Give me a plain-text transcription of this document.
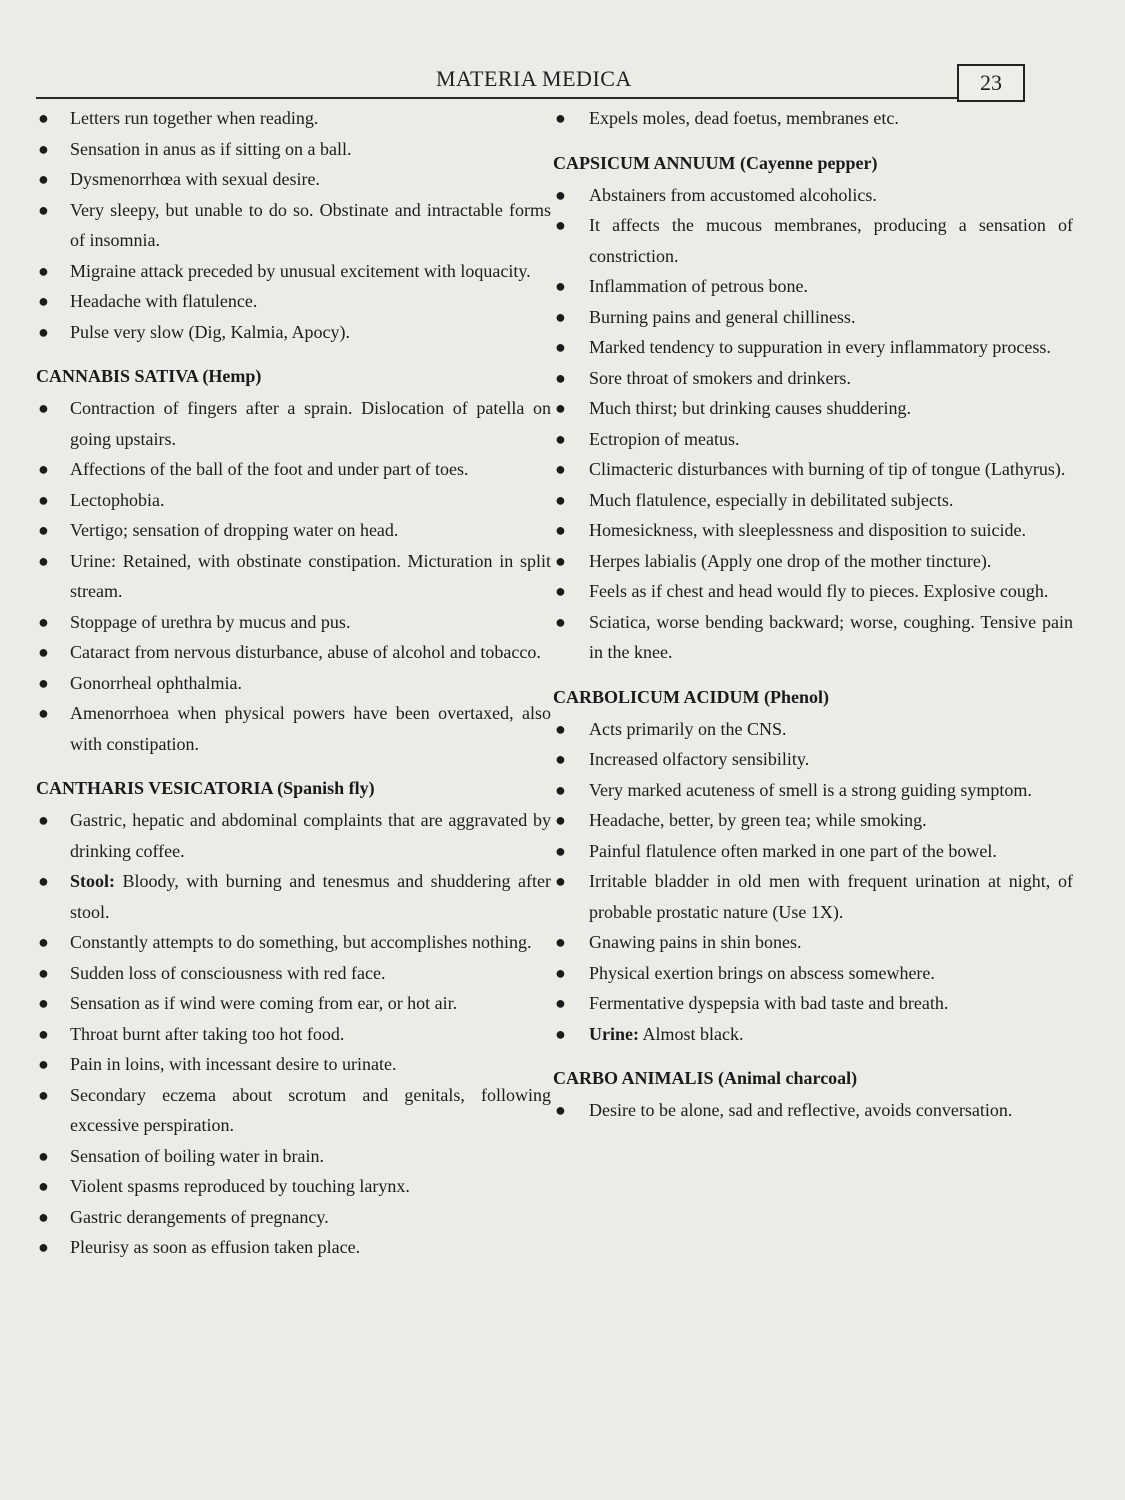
MATERIA MEDICA	23
● Letters run together when reading.
● Sensation in anus as if sitting on a ball.
● Dysmenorrhœa with sexual desire.
● Very sleepy, but unable to do so. Obstinate and intractable forms of insomnia.
● Migraine attack preceded by unusual excitement with loquacity.
● Headache with flatulence.
● Pulse very slow (Dig, Kalmia, Apocy).
CANNABIS SATIVA (Hemp)
● Contraction of fingers after a sprain. Dislocation of patella on going upstairs.
● Affections of the ball of the foot and under part of toes.
● Lectophobia.
● Vertigo; sensation of dropping water on head.
● Urine: Retained, with obstinate constipation. Micturation in split stream.
● Stoppage of urethra by mucus and pus.
● Cataract from nervous disturbance, abuse of alcohol and tobacco.
● Gonorrheal ophthalmia.
● Amenorrhoea when physical powers have been overtaxed, also with constipation.
CANTHARIS VESICATORIA (Spanish fly)
● Gastric, hepatic and abdominal complaints that are aggravated by drinking coffee.
● Stool: Bloody, with burning and tenesmus and shuddering after stool.
● Constantly attempts to do something, but accomplishes nothing.
● Sudden loss of consciousness with red face.
● Sensation as if wind were coming from ear, or hot air.
● Throat burnt after taking too hot food.
● Pain in loins, with incessant desire to urinate.
● Secondary eczema about scrotum and genitals, following excessive perspiration.
● Sensation of boiling water in brain.
● Violent spasms reproduced by touching larynx.
● Gastric derangements of pregnancy.
● Pleurisy as soon as effusion taken place.
● Expels moles, dead foetus, membranes etc.
CAPSICUM ANNUUM (Cayenne pepper)
● Abstainers from accustomed alcoholics.
● It affects the mucous membranes, producing a sensation of constriction.
● Inflammation of petrous bone.
● Burning pains and general chilliness.
● Marked tendency to suppuration in every inflammatory process.
● Sore throat of smokers and drinkers.
● Much thirst; but drinking causes shuddering.
● Ectropion of meatus.
● Climacteric disturbances with burning of tip of tongue (Lathyrus).
● Much flatulence, especially in debilitated subjects.
● Homesickness, with sleeplessness and disposition to suicide.
● Herpes labialis (Apply one drop of the mother tincture).
● Feels as if chest and head would fly to pieces. Explosive cough.
● Sciatica, worse bending backward; worse, coughing. Tensive pain in the knee.
CARBOLICUM ACIDUM (Phenol)
● Acts primarily on the CNS.
● Increased olfactory sensibility.
● Very marked acuteness of smell is a strong guiding symptom.
● Headache, better, by green tea; while smoking.
● Painful flatulence often marked in one part of the bowel.
● Irritable bladder in old men with frequent urination at night, of probable prostatic nature (Use 1X).
● Gnawing pains in shin bones.
● Physical exertion brings on abscess somewhere.
● Fermentative dyspepsia with bad taste and breath.
● Urine: Almost black.
CARBO ANIMALIS (Animal charcoal)
● Desire to be alone, sad and reflective, avoids conversation.
